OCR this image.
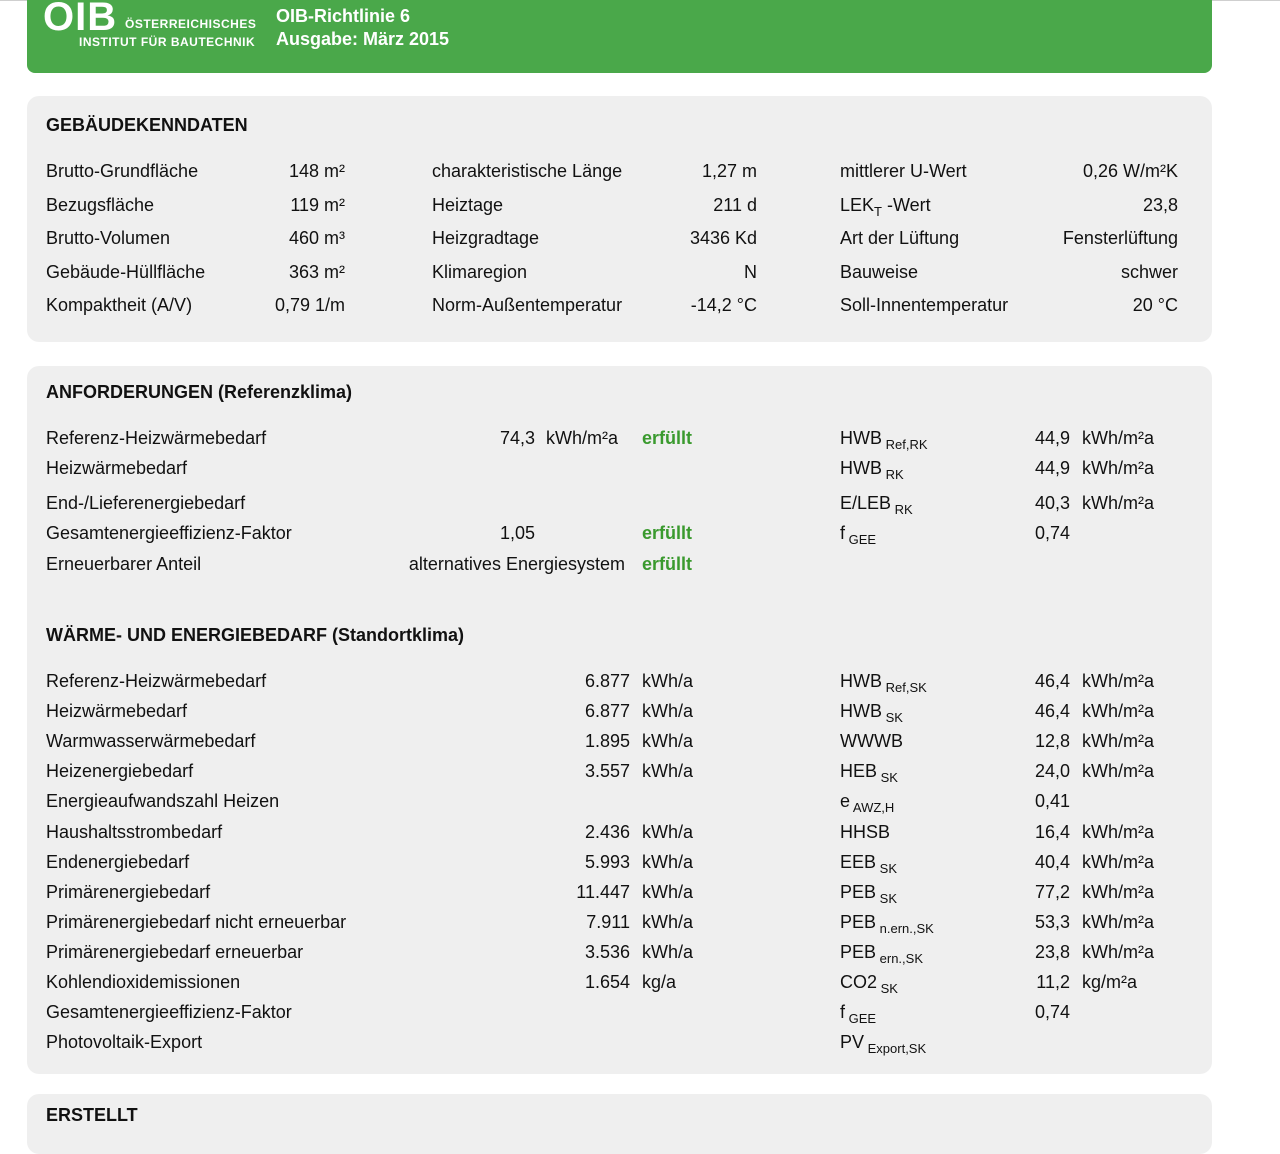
OIB ÖSTERREICHISCHES
INSTITUT FÜR BAUTECHNIK
OIB-Richtlinie 6
Ausgabe: März 2015
GEBÄUDEKENNDATEN
Brutto-Grundfläche	148 m²	charakteristische Länge	1,27 m	mittlerer U-Wert	0,26 W/m²K
Bezugsfläche	119 m²	Heiztage	211 d	$LEK_T$ -Wert	23,8
Brutto-Volumen	460 m³	Heizgradtage	3436 Kd	Art der Lüftung	Fensterlüftung
Gebäude-Hüllfläche	363 m²	Klimaregion	N	Bauweise	schwer
Kompaktheit (A/V)	0,79 1/m	Norm-Außentemperatur	-14,2 °C	Soll-Innentemperatur	20 °C
ANFORDERUNGEN (Referenzklima)
Referenz-Heizwärmebedarf	74,3 kWh/m²a erfüllt	HWB $_{Ref,RK}$	44,9 kWh/m²a
Heizwärmebedarf	HWB $_{RK}$	44,9 kWh/m²a
End-/Lieferenergiebedarf	E/LEB $_{RK}$	40,3 kWh/m²a
Gesamtenergieeffizienz-Faktor	1,05	erfüllt	f $_{GEE}$	0,74
Erneuerbarer Anteil	alternatives Energiesystem erfüllt
WÄRME- UND ENERGIEBEDARF (Standortklima)
Referenz-Heizwärmebedarf	6.877 kWh/a	HWB $_{Ref,SK}$	46,4 kWh/m²a
Heizwärmebedarf	6.877 kWh/a	HWB $_{SK}$	46,4 kWh/m²a
Warmwasserwärmebedarf	1.895 kWh/a	WWWB	12,8 kWh/m²a
Heizenergiebedarf	3.557 kWh/a	HEB $_{SK}$	24,0 kWh/m²a
Energieaufwandszahl Heizen	e $_{AWZ,H}$	0,41
Haushaltsstrombedarf	2.436 kWh/a	HHSB	16,4 kWh/m²a
Endenergiebedarf	5.993 kWh/a	EEB $_{SK}$	40,4 kWh/m²a
Primärenergiebedarf	11.447 kWh/a	PEB $_{SK}$	77,2 kWh/m²a
Primärenergiebedarf nicht erneuerbar	7.911 kWh/a	PEB $_{n.ern.,SK}$	53,3 kWh/m²a
Primärenergiebedarf erneuerbar	3.536 kWh/a	PEB $_{ern.,SK}$	23,8 kWh/m²a
Kohlendioxidemissionen	1.654 kg/a	CO2 $_{SK}$	11,2 kg/m²a
Gesamtenergieeffizienz-Faktor	f $_{GEE}$	0,74
Photovoltaik-Export	PV $_{Export,SK}$
ERSTELLT
